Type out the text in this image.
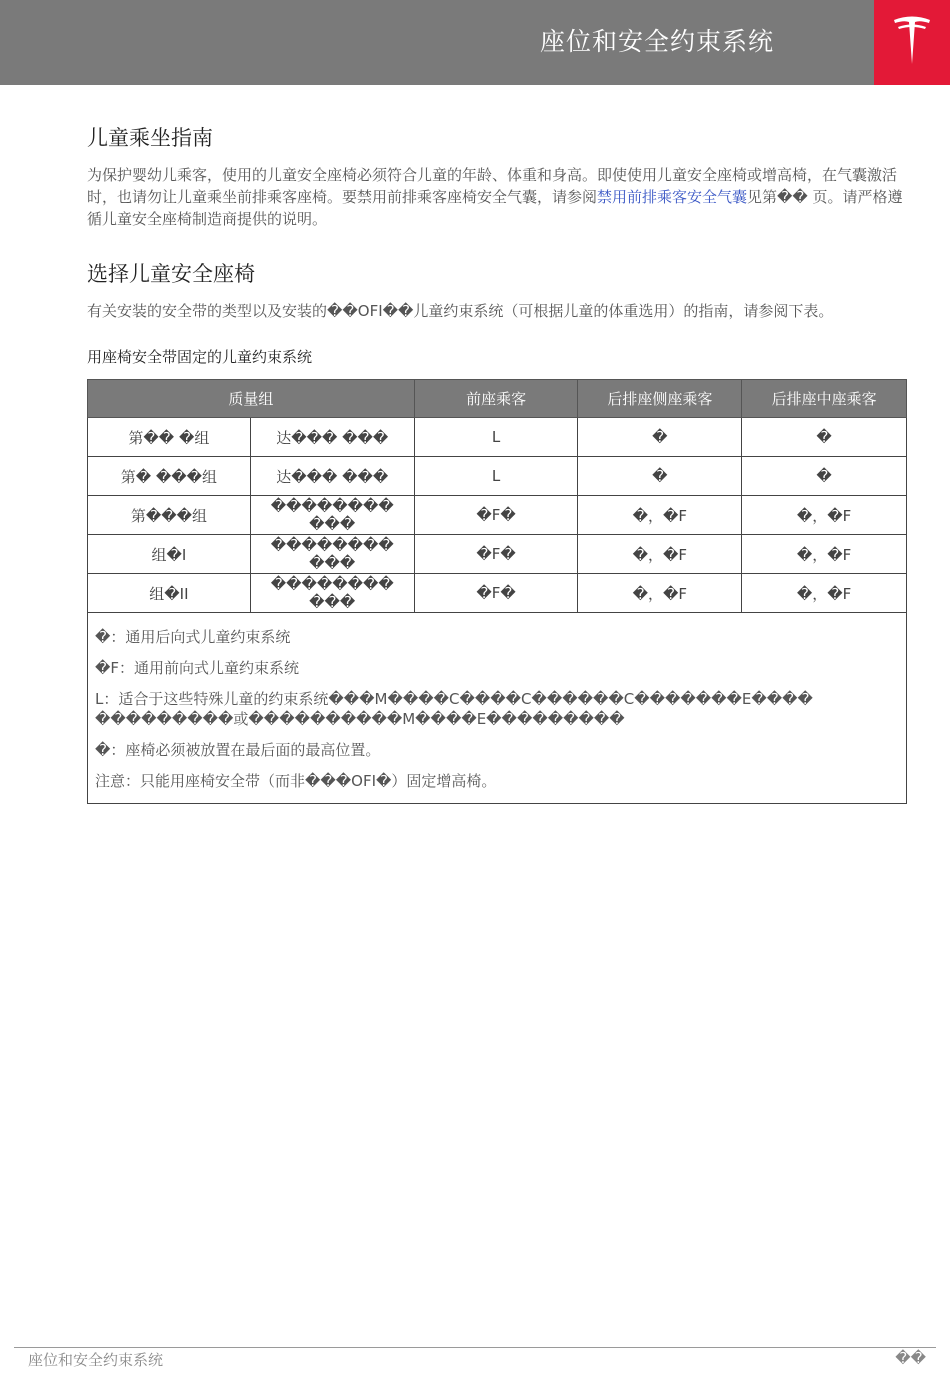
座位和安全约束系统
儿童乘坐指南

为保护婴幼儿乘客，使用的儿童安全座椅必须符合儿童的年龄、体重和身高。即使使用儿童安全座椅或增高椅，在气囊激活时，也请勿让儿童乘坐前排乘客座椅。要禁用前排乘客座椅安全气囊，请参阅禁用前排乘客安全气囊见第�� 页。请严格遵循儿童安全座椅制造商提供的说明。

选择儿童安全座椅

有关安装的安全带的类型以及安装的��OFI��儿童约束系统（可根据儿童的体重选用）的指南，请参阅下表。

用座椅安全带固定的儿童约束系统
质量组		前座乘客	后排座侧座乘客	后排座中座乘客
第�� �组	达��� ���	L	�	�
第� ���组	达��� ���	L	�	�
第���组	�������� ���	�F�	�，�F	�，�F
组�I	�������� ���	�F�	�，�F	�，�F
组�II	�������� ���	�F�	�，�F	�，�F

�：通用后向式儿童约束系统
�F：通用前向式儿童约束系统
L：适合于这些特殊儿童的约束系统���M����C����C������C�������E���� ���������或����������M����E���������
�：座椅必须被放置在最后面的最高位置。
注意：只能用座椅安全带（而非���OFI�）固定增高椅。				
座位和安全约束系统	��
